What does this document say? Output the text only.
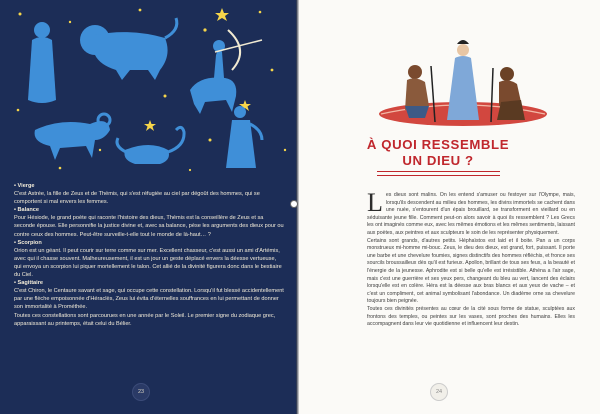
• Vierge

C'est Astrée, la fille de Zeus et de Thémis, qui s'est réfugiée au ciel par dégoût des hommes, qui se comportent si mal envers les femmes.

• Balance

Pour Hésiode, le grand poète qui raconte l'histoire des dieux, Thémis est la conseillère de Zeus et sa seconde épouse. Elle personnifie la justice divine et, avec sa balance, pèse les arguments des dieux pour ou contre ceux des hommes. Peut-être surveille-t-elle tout le monde de là-haut… ?

• Scorpion

Orion est un géant. Il peut courir sur terre comme sur mer. Excellent chasseur, c'est aussi un ami d'Artémis, avec qui il chasse souvent. Malheureusement, il est un jour un geste déplacé envers la déesse vertueuse, qui envoya un scorpion lui piquer mortellement le talon. Cet allié de la divinité figurera donc dans le bestiaire du Ciel.

• Sagittaire

C'est Chiron, le Centaure savant et sage, qui occupe cette constellation. Lorsqu'il fut blessé accidentellement par une flèche empoisonnée d'Héraclès, Zeus lui évita d'éternelles souffrances en lui permettant de donner son immortalité à Prométhée.

Toutes ces constellations sont parcourues en une année par le Soleil. Le premier signe du zodiaque grec, apparaissant au printemps, était celui du Bélier.

23
À QUOI RESSEMBLE
UN DIEU ?

Les dieux sont malins. On les entend s'amuser ou festoyer sur l'Olympe, mais, lorsqu'ils descendent au milieu des hommes, les divins immortels se cachent dans une nuée, s'entourent d'un épais brouillard, se transforment en vieillard ou en séduisante jeune fille. Comment peut-on alors savoir à quoi ils ressemblent ? Les Grecs les ont imaginés comme eux, avec les mêmes émotions et les mêmes sentiments, laissant aux poètes, aux peintres et aux sculpteurs le soin de les représenter physiquement.

Certains sont grands, d'autres petits. Héphaïstos est laid et il boite. Pan a un corps monstrueux mi-homme mi-bouc. Zeus, le dieu des dieux, est grand, fort, puissant. Il porte une barbe et une chevelure foumies, signes distinctifs des hommes réfléchis, et fronce ses sourcils broussailleux dès qu'il est furieux. Apollon, brillant de tous ses feux, a la beauté et l'énergie de la jeunesse. Aphrodite est si belle qu'elle est irrésistible. Athéna a l'air sage, mais c'est une guerrière et ses yeux pers, changeant du bleu au vert, lancent des éclairs lorsqu'elle est en colère. Héra est la déesse aux bras blancs et aux yeux de vache – et c'est un compliment, cet animal symbolisant l'abondance. Un diadème orne sa chevelure toujours bien peignée.

Toutes ces divinités présentes au cœur de la cité sous forme de statue, sculptées aux frontons des temples, ou peintes sur les vases, sont proches des humains. Elles les accompagnent dans leur vie quotidienne et influencent leur destin.

24
